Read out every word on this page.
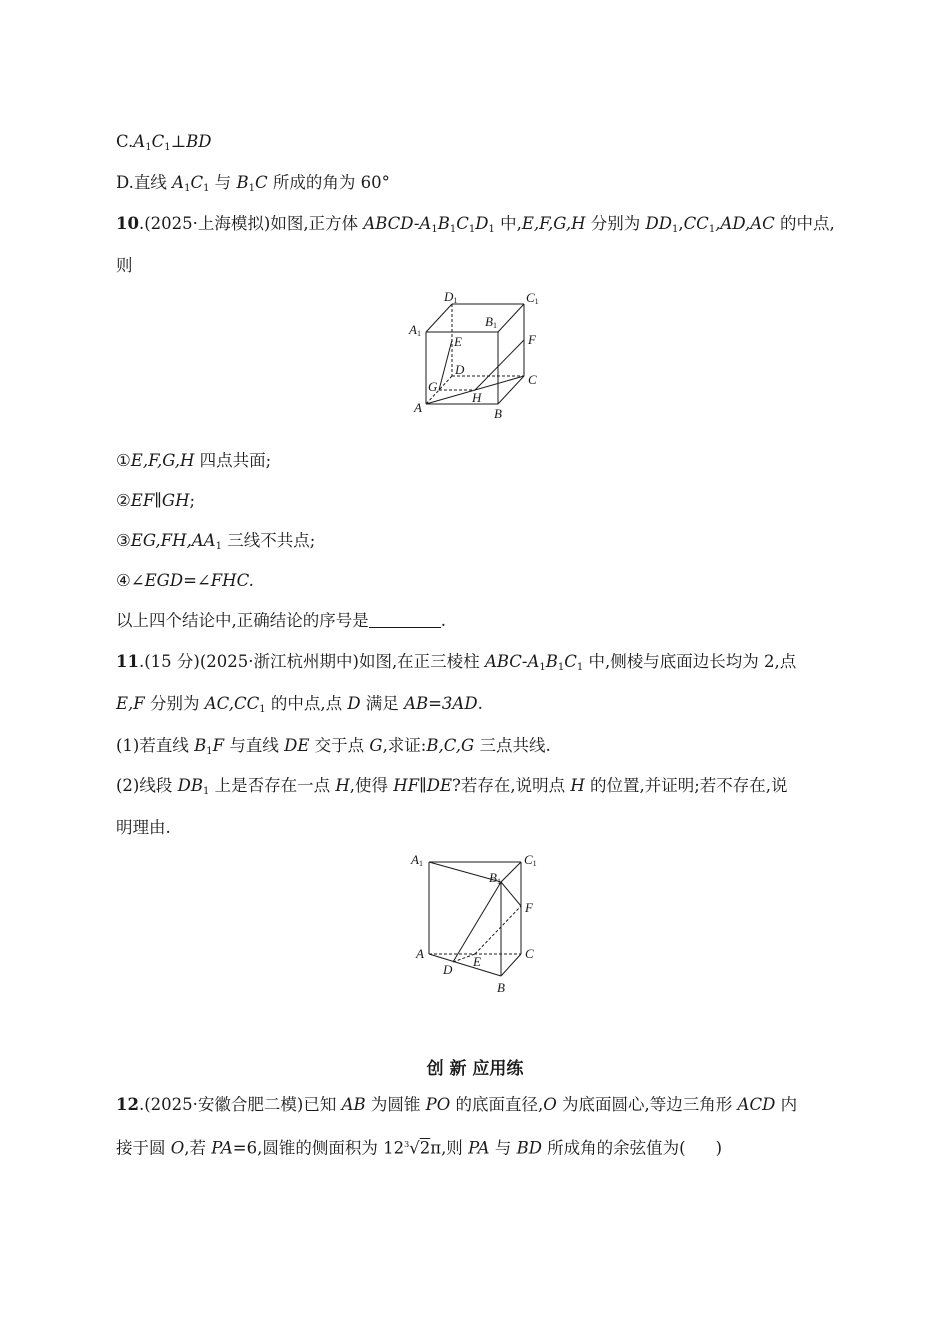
$C.A_1C_1\perp BD$
D.直线 $A_1C_1$ 与 $B_1C$ 所成的角为 60°
10.(2025·上海模拟)如图,正方体 ABCD-$A_1B_1C_1D_1$ 中,E,F,G,H 分别为 $DD_1,CC_1,AD,AC$ 的中点,
则
D1	C1
A1
B1
E	F
D
C
G
A
H
B
①E,F,G,H 四点共面;
②EF∥GH;
$③EG,FH,AA_1$ 三线不共点;
④∠EGD=∠FHC.
以上四个结论中,正确结论的序号是	.
11.(15 分)(2025·浙江杭州期中)如图,在正三棱柱 ABC-$A_1B_1C_1$ 中,侧棱与底面边长均为 2,点
E,F 分别为 $AC,CC_1$ 的中点,点 D 满足 AB=3AD.
(1)若直线 $B_1F$ 与直线 DE 交于点 G,求证:B,C,G 三点共线.
(2)线段 $DB_1$ 上是否存在一点 H,使得 HF∥DE?若存在,说明点 H 的位置,并证明;若不存在,说
明理由.
A1	C1
B1
F
A	C
D
E
B
创 新 应用练
12.(2025·安徽合肥二模)已知 AB 为圆锥 PO 的底面直径,O 为底面圆心,等边三角形 ACD 内
接于圆 O,若 PA=6,圆锥的侧面积为 $12^3√2\pi$,则 PA 与 BD 所成角的余弦值为( )
